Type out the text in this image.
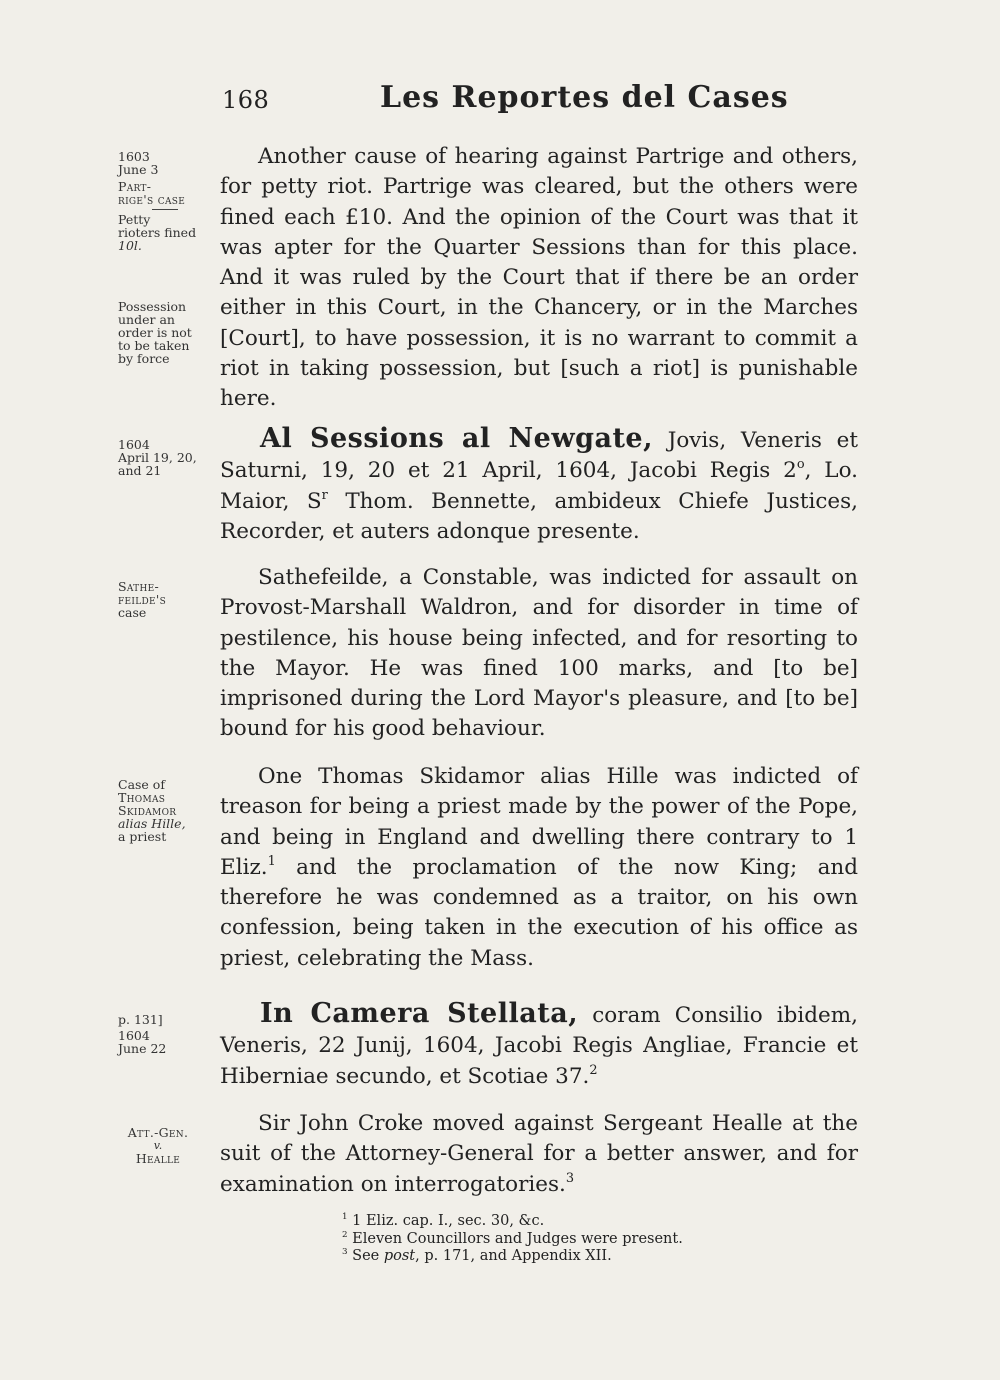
168	Les Reportes del Cases
1603
June 3
Part-
rige's case
Petty
rioters fined
10l.
Possession
under an
order is not
to be taken
by force
1604
April 19, 20,
and 21
Sathe-
feilde's
case
Case of
Thomas
Skidamor
alias Hille,
a priest
p. 131]
1604
June 22
Att.-Gen.
v.
Healle

Another cause of hearing against Partrige and others, for petty riot. Partrige was cleared, but the others were fined each £10. And the opinion of the Court was that it was apter for the Quarter Sessions than for this place. And it was ruled by the Court that if there be an order either in this Court, in the Chancery, or in the Marches [Court], to have possession, it is no warrant to commit a riot in taking possession, but [such a riot] is punishable here.

Al Sessions al Newgate, Jovis, Veneris et Saturni, 19, 20 et 21 April, 1604, Jacobi Regis 2$^o$, Lo. Maior, $S^r$ Thom. Bennette, ambideux Chiefe Justices, Recorder, et auters adonque presente.

Sathefeilde, a Constable, was indicted for assault on Provost-Marshall Waldron, and for disorder in time of pestilence, his house being infected, and for resorting to the Mayor. He was fined 100 marks, and [to be] imprisoned during the Lord Mayor's pleasure, and [to be] bound for his good behaviour.

One Thomas Skidamor alias Hille was indicted of treason for being a priest made by the power of the Pope, and being in England and dwelling there contrary to 1 Eliz.$^1$ and the proclamation of the now King; and therefore he was condemned as a traitor, on his own confession, being taken in the execution of his office as priest, celebrating the Mass.

In Camera Stellata, coram Consilio ibidem, Veneris, 22 Junij, 1604, Jacobi Regis Angliae, Francie et Hiberniae secundo, et Scotiae 37.$^2$

Sir John Croke moved against Sergeant Healle at the suit of the Attorney-General for a better answer, and for examination on interrogatories.$^3$

$^1$ 1 Eliz. cap. I., sec. 30, &c.
$^2$ Eleven Councillors and Judges were present.
$^3$ See post, p. 171, and Appendix XII.
